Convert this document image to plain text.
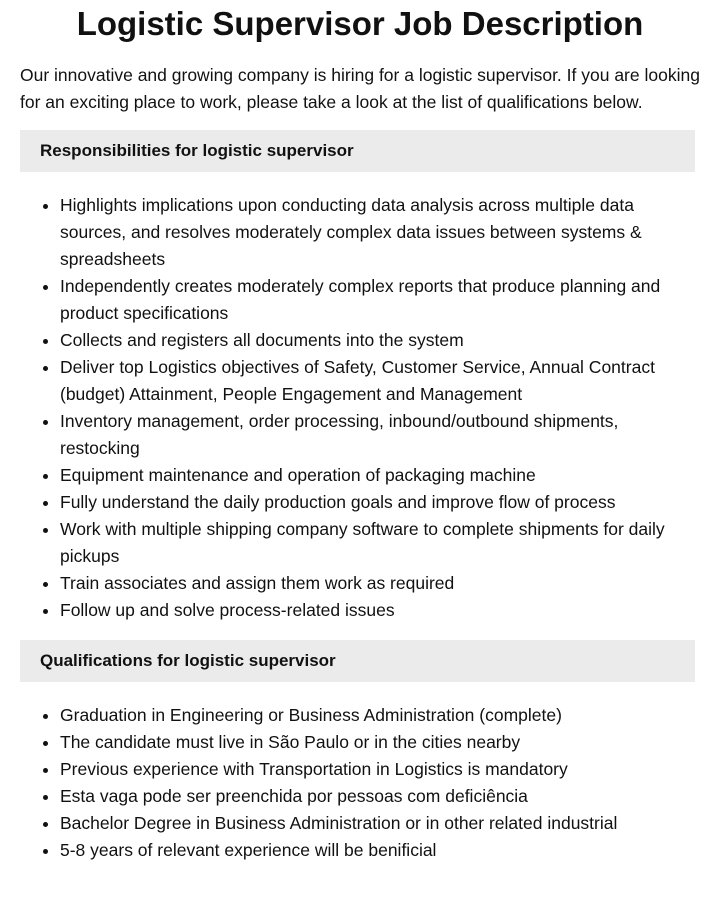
Logistic Supervisor Job Description

Our innovative and growing company is hiring for a logistic supervisor. If you are looking for an exciting place to work, please take a look at the list of qualifications below.

Responsibilities for logistic supervisor
• Highlights implications upon conducting data analysis across multiple data sources, and resolves moderately complex data issues between systems & spreadsheets
• Independently creates moderately complex reports that produce planning and product specifications
• Collects and registers all documents into the system
• Deliver top Logistics objectives of Safety, Customer Service, Annual Contract (budget) Attainment, People Engagement and Management
• Inventory management, order processing, inbound/outbound shipments, restocking
• Equipment maintenance and operation of packaging machine
• Fully understand the daily production goals and improve flow of process
• Work with multiple shipping company software to complete shipments for daily pickups
• Train associates and assign them work as required
• Follow up and solve process-related issues
Qualifications for logistic supervisor
• Graduation in Engineering or Business Administration (complete)
• The candidate must live in São Paulo or in the cities nearby
• Previous experience with Transportation in Logistics is mandatory
• Esta vaga pode ser preenchida por pessoas com deficiência
• Bachelor Degree in Business Administration or in other related industrial
• 5-8 years of relevant experience will be benificial
